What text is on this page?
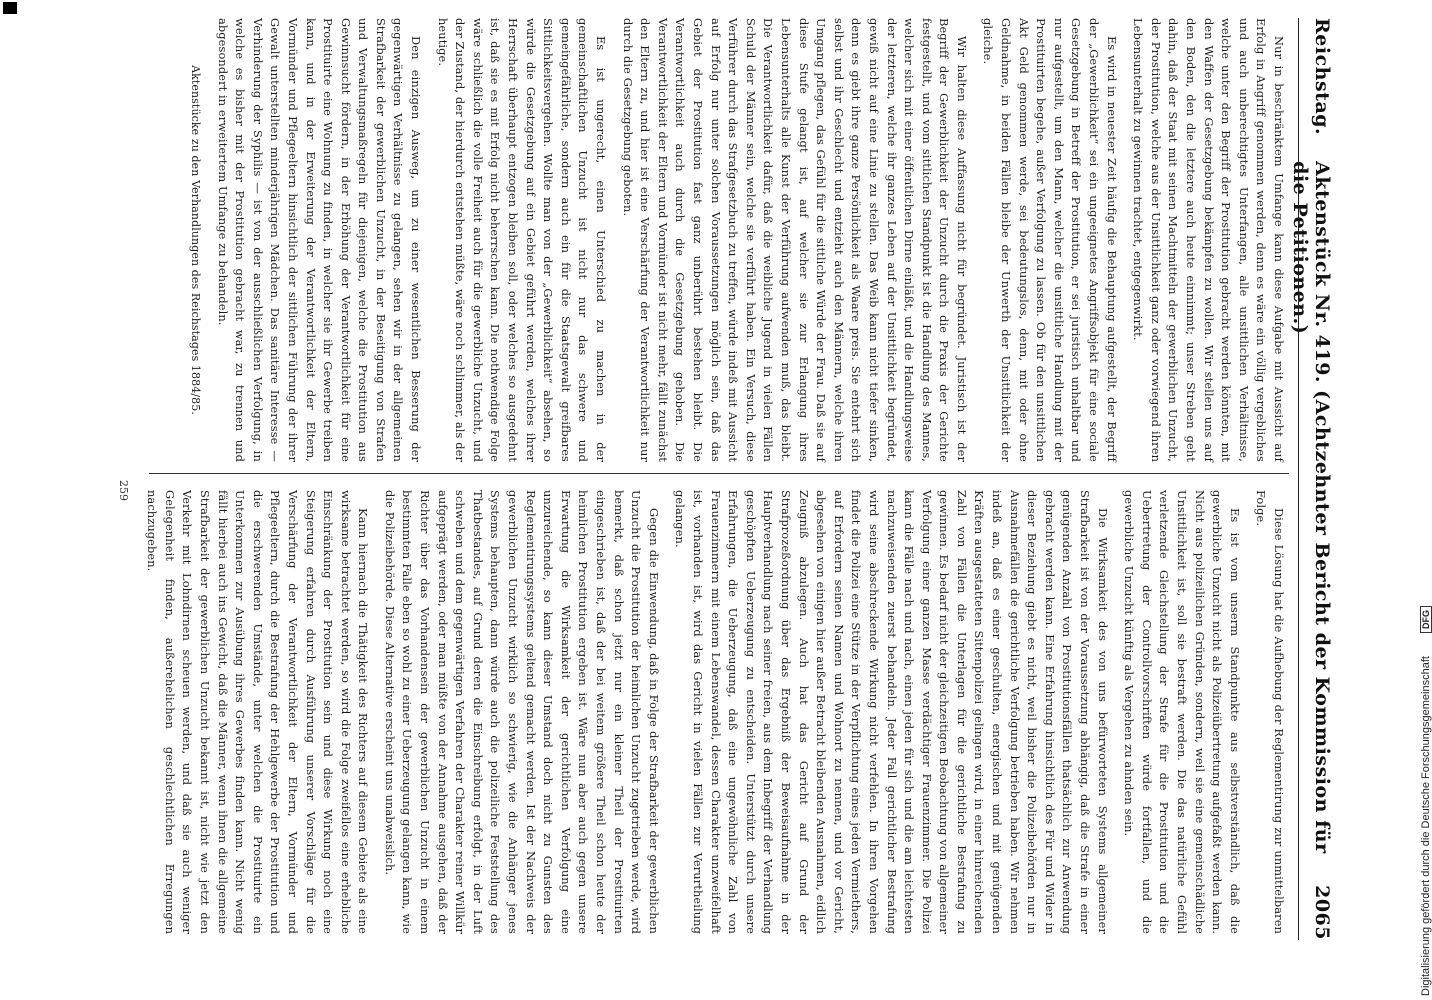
Digitalisierung gefördert durch die Deutsche Forschungsgemeinschaft
DFG
Reichstag.
Aktenstück Nr. 419. (Achtzehnter Bericht der Kommission für die Petitionen.)
2065

Nur in beschränktem Umfange kann diese Aufgabe mit Aussicht auf Erfolg in Angriff genommen werden, denn es wäre ein völlig vergebliches und auch unberechtigtes Unterfangen, alle unsittlichen Verhältnisse, welche unter den Begriff der Prostitution gebracht werden könnten, mit den Waffen der Gesetzgebung bekämpfen zu wollen. Wir stellen uns auf den Boden, den die letztere auch heute einnimmt; unser Streben geht dahin, daß der Staat mit seinen Machtmitteln der gewerblichen Unzucht, der Prostitution, welche aus der Unsittlichkeit ganz oder vorwiegend ihren Lebensunterhalt zu gewinnen trachtet, entgegenwirkt.

Es wird in neuester Zeit häufig die Behauptung aufgestellt, der Begriff der „Gewerblichkeit“ sei ein ungeeignetes Angriffsobjekt für eine sociale Gesetzgebung in Betreff der Prostitution, er sei juristisch unhaltbar und nur aufgestellt, um den Mann, welcher die unsittliche Handlung mit der Prostituirten begehe, außer Verfolgung zu lassen. Ob für den unsittlichen Akt Geld genommen werde, sei bedeutungslos, denn, mit oder ohne Geldnahme, in beiden Fällen bleibe der Unwerth der Unsittlichkeit der gleiche.

Wir halten diese Auffassung nicht für begründet. Juristisch ist der Begriff der Gewerblichkeit der Unzucht durch die Praxis der Gerichte festgestellt, und vom sittlichen Standpunkt ist die Handlung des Mannes, welcher sich mit einer öffentlichen Dirne einläßt, und die Handlungsweise der letzteren, welche ihr ganzes Leben auf der Unsittlichkeit begründet, gewiß nicht auf eine Linie zu stellen. Das Weib kann nicht tiefer sinken, denn es giebt ihre ganze Persönlichkeit als Waare preis. Sie entehrt sich selbst und ihr Geschlecht und entzieht auch den Männern, welche ihren Umgang pflegen, das Gefühl für die sittliche Würde der Frau. Daß sie auf diese Stufe gelangt ist, auf welcher sie zur Erlangung ihres Lebensunterhalts alle Kunst der Verführung aufwenden muß, das bleibt. Die Verantwortlichkeit dafür, daß die weibliche Jugend in vielen Fällen Schuld der Männer sein, welche sie verführt haben. Ein Versuch, diese Verführer durch das Strafgesetzbuch zu treffen, würde indeß mit Aussicht auf Erfolg nur unter solchen Voraussetzungen möglich sein, daß das Gebiet der Prostitution fast ganz unberührt bestehen bleibt. Die Verantwortlichkeit auch durch die Gesetzgebung gehoben. Die Verantwortlichkeit der Eltern und Vormünder ist nicht mehr, fällt zunächst den Eltern zu, und hier ist eine Verschärfung der Verantwortlichkeit nur durch die Gesetzgebung geboten.

Es ist ungerecht, einen Unterschied zu machen in der gemeinschaftlichen Unzucht ist nicht nur das schwere und gemeingefährliche, sondern auch ein für die Staatsgewalt greifbares Sittlichkeitsvergehen. Wollte man von der „Gewerblichkeit“ absehen, so würde die Gesetzgebung auf ein Gebiet geführt werden, welches ihrer Herrschaft überhaupt entzogen bleiben soll, oder welches so ausgedehnt ist, daß sie es mit Erfolg nicht beherrschen kann. Die nothwendige Folge wäre schließlich die volle Freiheit auch für die gewerbliche Unzucht, und der Zustand, der hierdurch entstehen müßte, wäre noch schlimmer, als der heutige.

Den einzigen Ausweg, um zu einer wesentlichen Besserung der gegenwärtigen Verhältnisse zu gelangen, sehen wir in der allgemeinen Strafbarkeit der gewerblichen Unzucht, in der Beseitigung von Strafen und Verwaltungsmaßregeln für diejenigen, welche die Prostitution aus Gewinnsucht fördern, in der Erhöhung der Verantwortlichkeit für eine Prostituirte eine Wohnung zu finden, in welcher sie ihr Gewerbe treiben kann, und in der Erweiterung der Verantwortlichkeit der Eltern, Vormünder und Pflegeeltern hinsichtlich der sittlichen Führung der ihrer Gewalt unterstellten minderjährigen Mädchen. Das sanitäre Interesse — Verhinderung der Syphilis — ist von der ausschließlichen Verfolgung, in welche es bisher mit der Prostitution gebracht war, zu trennen und abgesondert in erweitertem Umfange zu behandeln.

Aktenstücke zu den Verhandlungen des Reichstages 1884/85.

Diese Lösung hat die Aufhebung der Reglementirung zur unmittelbaren Folge.

Es ist vom unserm Standpunkte aus selbstverständlich, daß die gewerbliche Unzucht nicht als Polizeiübertretung aufgefaßt werden kann. Nicht aus polizeilichen Gründen, sondern, weil sie eine gemeinschädliche Unsittlichkeit ist, soll sie bestraft werden. Die das natürliche Gefühl verletzende Gleichstellung der Strafe für die Prostitution und die Uebertretung der Controllvorschriften würde fortfallen, und die gewerbliche Unzucht künftig als Vergehen zu ahnden sein.

Die Wirksamkeit des von uns befürworteten Systems allgemeiner Strafbarkeit ist von der Voraussetzung abhängig, daß die Strafe in einer genügenden Anzahl von Prostitutionsfällen thatsächlich zur Anwendung gebracht werden kann. Eine Erfahrung hinsichtlich des Für und Wider in dieser Beziehung giebt es nicht, weil bisher die Polizeibehörden nur in Ausnahmefällen die gerichtliche Verfolgung betrieben haben. Wir nehmen indeß an, daß es einer geschulten, energischen und mit genügenden Kräften ausgestatteten Sittenpolizei gelingen wird, in einer hinreichenden Zahl von Fällen die Unterlagen für die gerichtliche Bestrafung zu gewinnen. Es bedarf nicht der gleichzeitigen Beobachtung von allgemeiner Verfolgung einer ganzen Masse verdächtiger Frauenzimmer. Die Polizei kann die Fälle nach und nach, einen jeden für sich und die am leichtesten nachzuweisenden zuerst behandeln. Jeder Fall gerichtlicher Bestrafung wird seine abschreckende Wirkung nicht verfehlen. In ihren Vorgehen findet die Polizei eine Stütze in der Verpflichtung eines jeden Vermiethers, auf Erfordern seinen Namen und Wohnort zu nennen, und vor Gericht, abgesehen von einigen hier außer Betracht bleibenden Ausnahmen, eidlich Zeugniß abzulegen. Auch hat das Gericht auf Grund der Strafprozeßordnung über das Ergebniß der Beweisaufnahme in der Hauptverhandlung nach seiner freien, aus dem Inbegriff der Verhandlung geschöpften Ueberzeugung zu entscheiden. Unterstützt durch unsere Erfahrungen, die Ueberzeugung, daß eine ungewöhnliche Zahl von Frauenzimmern mit einem Lebenswandel, dessen Charakter unzweifelhaft ist, vorhanden ist, wird das Gericht in vielen Fällen zur Verurtheilung gelangen.

Gegen die Einwendung, daß in Folge der Strafbarkeit der gewerblichen Unzucht die Prostitution der heimlichen Unzucht zugetrieben werde, wird bemerkt, daß schon jetzt nur ein kleiner Theil der Prostituirten eingeschrieben ist, daß der bei weitem größere Theil schon heute der heimlichen Prostitution ergeben ist. Wäre nun aber auch gegen unsere Erwartung die Wirksamkeit der gerichtlichen Verfolgung eine unzureichende, so kann dieser Umstand doch nicht zu Gunsten des Reglementirungssystems geltend gemacht werden. Ist der Nachweis der gewerblichen Unzucht wirklich so schwierig, wie die Anhänger jenes Systems behaupten, dann würde auch die polizeiliche Feststellung des Thatbestandes, auf Grund deren die Einschreibung erfolgt, in der Luft schweben und dem gegenwärtigen Verfahren der Charakter reiner Willkür aufgeprägt werden, oder man müßte von der Annahme ausgehen, daß der Richter über das Vorhandensein der gewerblichen Unzucht in einem bestimmten Falle eben so wohl zu einer Ueberzeugung gelangen kann, wie die Polizeibehörde. Diese Alternative erscheint uns unabweislich.

Kann hiernach die Thätigkeit des Richters auf diesem Gebiete als eine wirksame betrachtet werden, so wird die Folge zweifellos eine erhebliche Einschränkung der Prostitution sein und diese Wirkung noch eine Steigerung erfahren durch Ausführung unserer Vorschläge für die Verschärfung der Verantwortlichkeit der Eltern, Vormünder und Pflegeeltern, durch die Bestrafung der Hehlgewerbe der Prostitution und die erschwerenden Umstände, unter welchen die Prostituirte ein Unterkommen zur Ausübung ihres Gewerbes finden kann. Nicht wenig fällt hierbei auch ins Gewicht, daß die Männer, wenn ihnen die allgemeine Strafbarkeit der gewerblichen Unzucht bekannt ist, nicht wie jetzt den Verkehr mit Lohndirnen scheuen werden, und daß sie auch weniger Gelegenheit finden, außerehelichen geschlechtlichen Erregungen nachzugeben.

259
